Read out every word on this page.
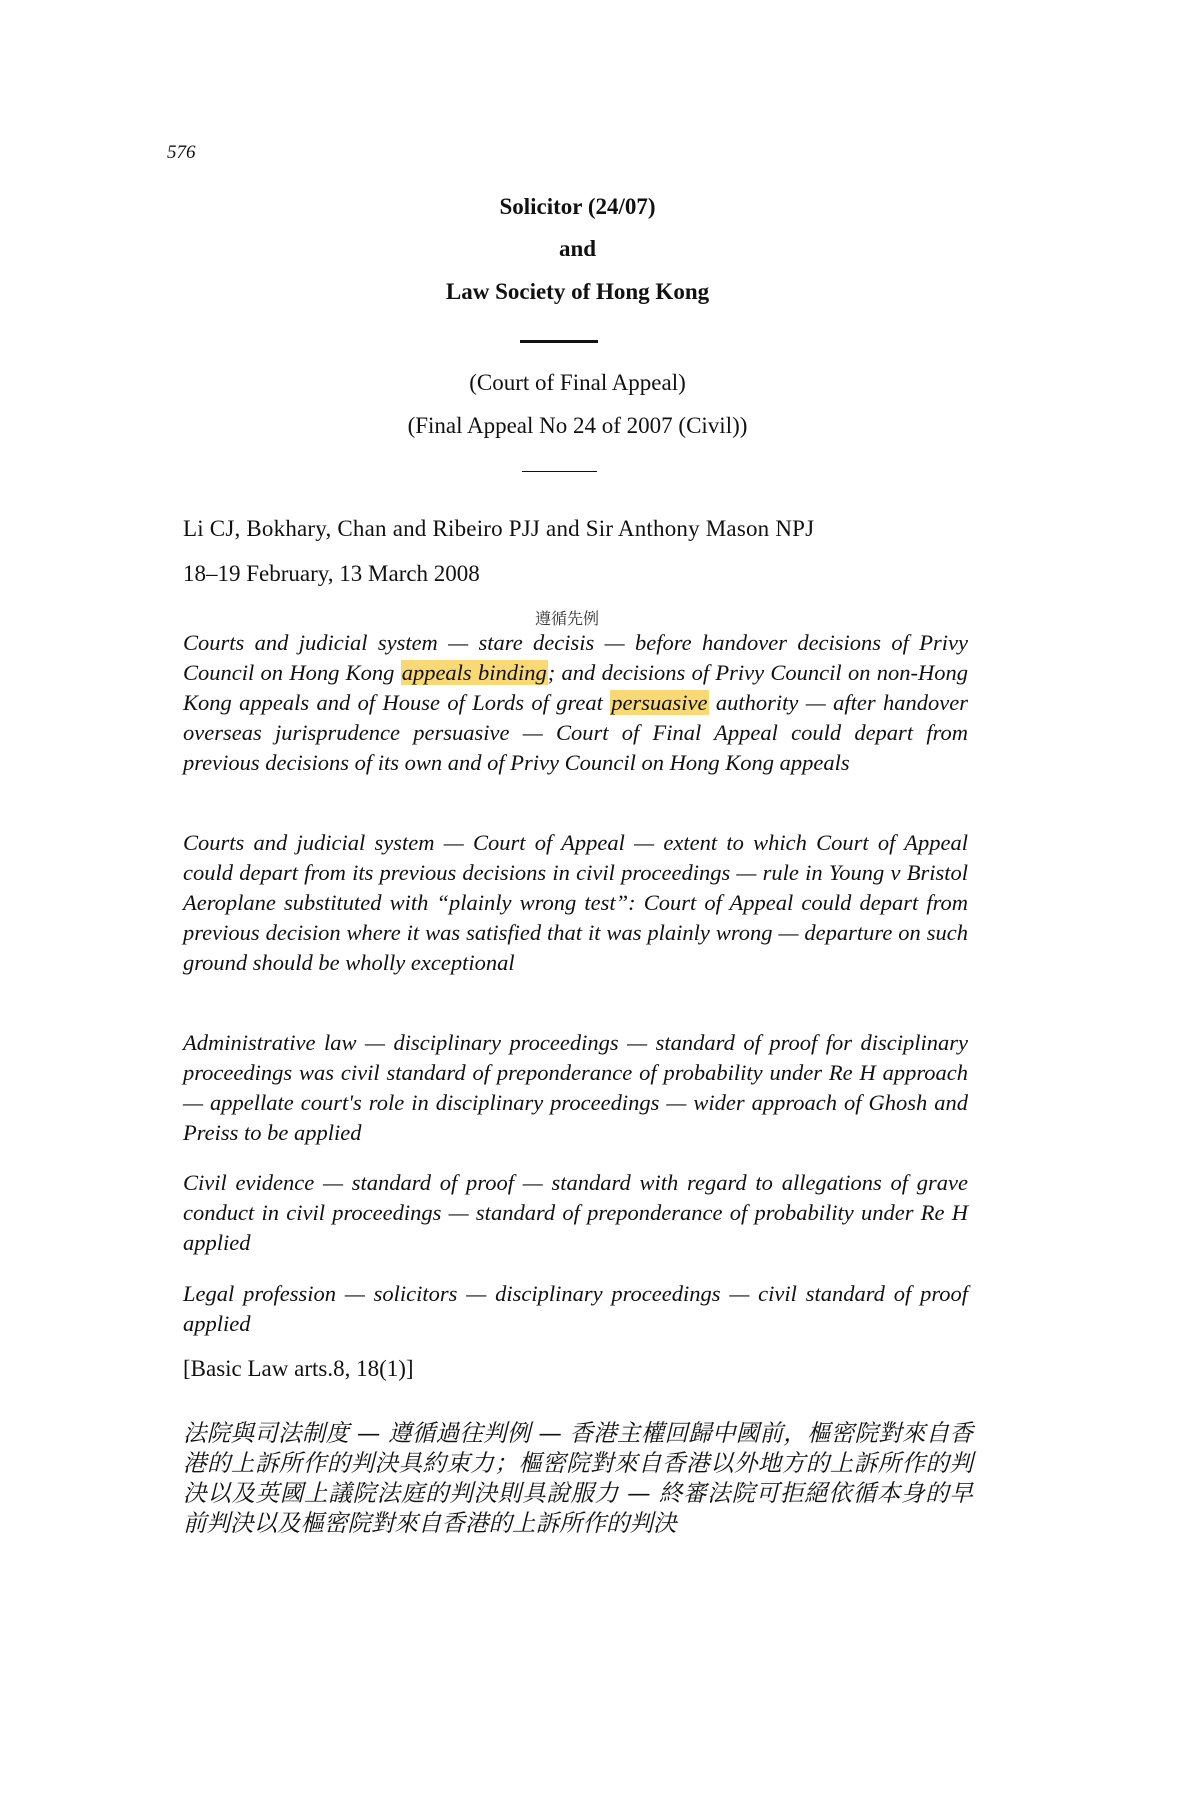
576
Solicitor (24/07)
and
Law Society of Hong Kong
(Court of Final Appeal)
(Final Appeal No 24 of 2007 (Civil))
Li CJ, Bokhary, Chan and Ribeiro PJJ and Sir Anthony Mason NPJ
18–19 February, 13 March 2008
遵循先例
Courts and judicial system — stare decisis — before handover decisions of Privy Council on Hong Kong appeals binding; and decisions of Privy Council on non-Hong Kong appeals and of House of Lords of great persuasive authority — after handover overseas jurisprudence persuasive — Court of Final Appeal could depart from previous decisions of its own and of Privy Council on Hong Kong appeals
Courts and judicial system — Court of Appeal — extent to which Court of Appeal could depart from its previous decisions in civil proceedings — rule in Young v Bristol Aeroplane substituted with “plainly wrong test”: Court of Appeal could depart from previous decision where it was satisfied that it was plainly wrong — departure on such ground should be wholly exceptional
Administrative law — disciplinary proceedings — standard of proof for disciplinary proceedings was civil standard of preponderance of probability under Re H approach — appellate court's role in disciplinary proceedings — wider approach of Ghosh and Preiss to be applied
Civil evidence — standard of proof — standard with regard to allegations of grave conduct in civil proceedings — standard of preponderance of probability under Re H applied
Legal profession — solicitors — disciplinary proceedings — civil standard of proof applied
[Basic Law arts.8, 18(1)]
法院與司法制度 — 遵循過往判例 — 香港主權回歸中國前，樞密院對來自香港的上訴所作的判決具約束力；樞密院對來自香港以外地方的上訴所作的判決以及英國上議院法庭的判決則具說服力 — 終審法院可拒絕依循本身的早前判決以及樞密院對來自香港的上訴所作的判決
